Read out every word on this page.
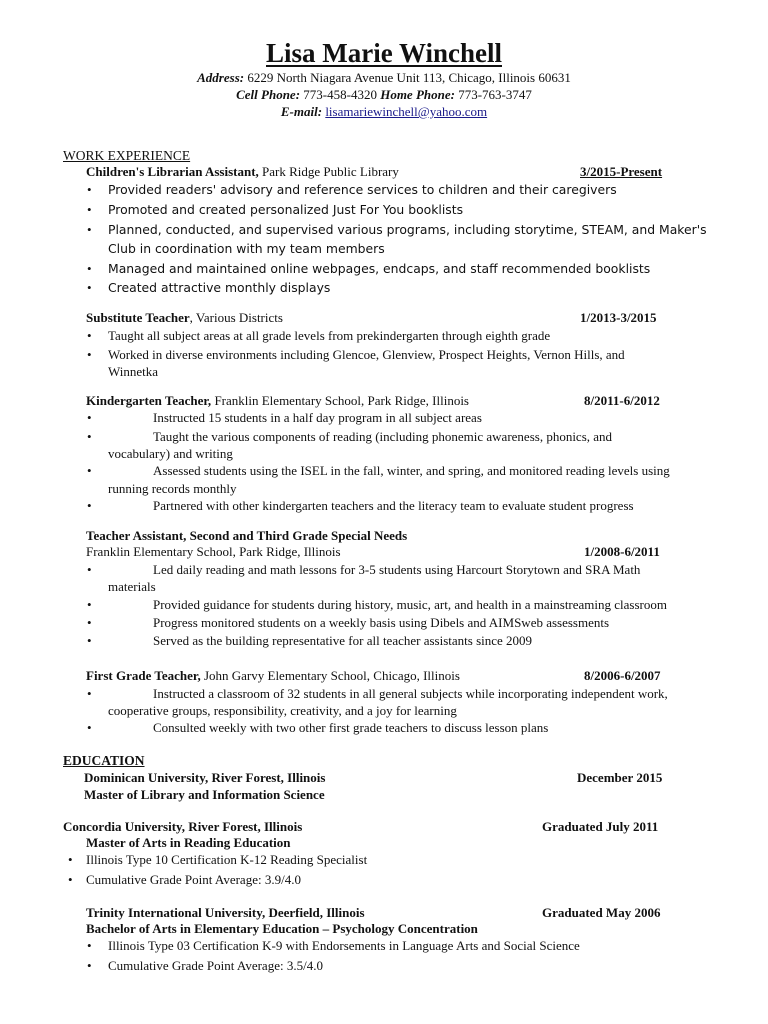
Lisa Marie Winchell
Address: 6229 North Niagara Avenue Unit 113, Chicago, Illinois 60631
Cell Phone: 773-458-4320 Home Phone: 773-763-3747
E-mail: lisamariewinchell@yahoo.com
WORK EXPERIENCE
Children's Librarian Assistant, Park Ridge Public Library	3/2015-Present
• Provided readers' advisory and reference services to children and their caregivers
• Promoted and created personalized Just For You booklists
• Planned, conducted, and supervised various programs, including storytime, STEAM, and Maker's
Club in coordination with my team members
• Managed and maintained online webpages, endcaps, and staff recommended booklists
• Created attractive monthly displays
Substitute Teacher, Various Districts	1/2013-3/2015
• Taught all subject areas at all grade levels from prekindergarten through eighth grade
• Worked in diverse environments including Glencoe, Glenview, Prospect Heights, Vernon Hills, and
Winnetka
Kindergarten Teacher, Franklin Elementary School, Park Ridge, Illinois	8/2011-6/2012
•	Instructed 15 students in a half day program in all subject areas
•	Taught the various components of reading (including phonemic awareness, phonics, and
vocabulary) and writing
•	Assessed students using the ISEL in the fall, winter, and spring, and monitored reading levels using
running records monthly
•	Partnered with other kindergarten teachers and the literacy team to evaluate student progress
Teacher Assistant, Second and Third Grade Special Needs
Franklin Elementary School, Park Ridge, Illinois	1/2008-6/2011
•	Led daily reading and math lessons for 3-5 students using Harcourt Storytown and SRA Math
materials
•	Provided guidance for students during history, music, art, and health in a mainstreaming classroom
•	Progress monitored students on a weekly basis using Dibels and AIMSweb assessments
•	Served as the building representative for all teacher assistants since 2009
First Grade Teacher, John Garvy Elementary School, Chicago, Illinois	8/2006-6/2007
•	Instructed a classroom of 32 students in all general subjects while incorporating independent work,
cooperative groups, responsibility, creativity, and a joy for learning
•	Consulted weekly with two other first grade teachers to discuss lesson plans
EDUCATION
Dominican University, River Forest, Illinois	December 2015
Master of Library and Information Science
Concordia University, River Forest, Illinois	Graduated July 2011
Master of Arts in Reading Education
• Illinois Type 10 Certification K-12 Reading Specialist
• Cumulative Grade Point Average: 3.9/4.0
Trinity International University, Deerfield, Illinois	Graduated May 2006
Bachelor of Arts in Elementary Education – Psychology Concentration
• Illinois Type 03 Certification K-9 with Endorsements in Language Arts and Social Science
• Cumulative Grade Point Average: 3.5/4.0
